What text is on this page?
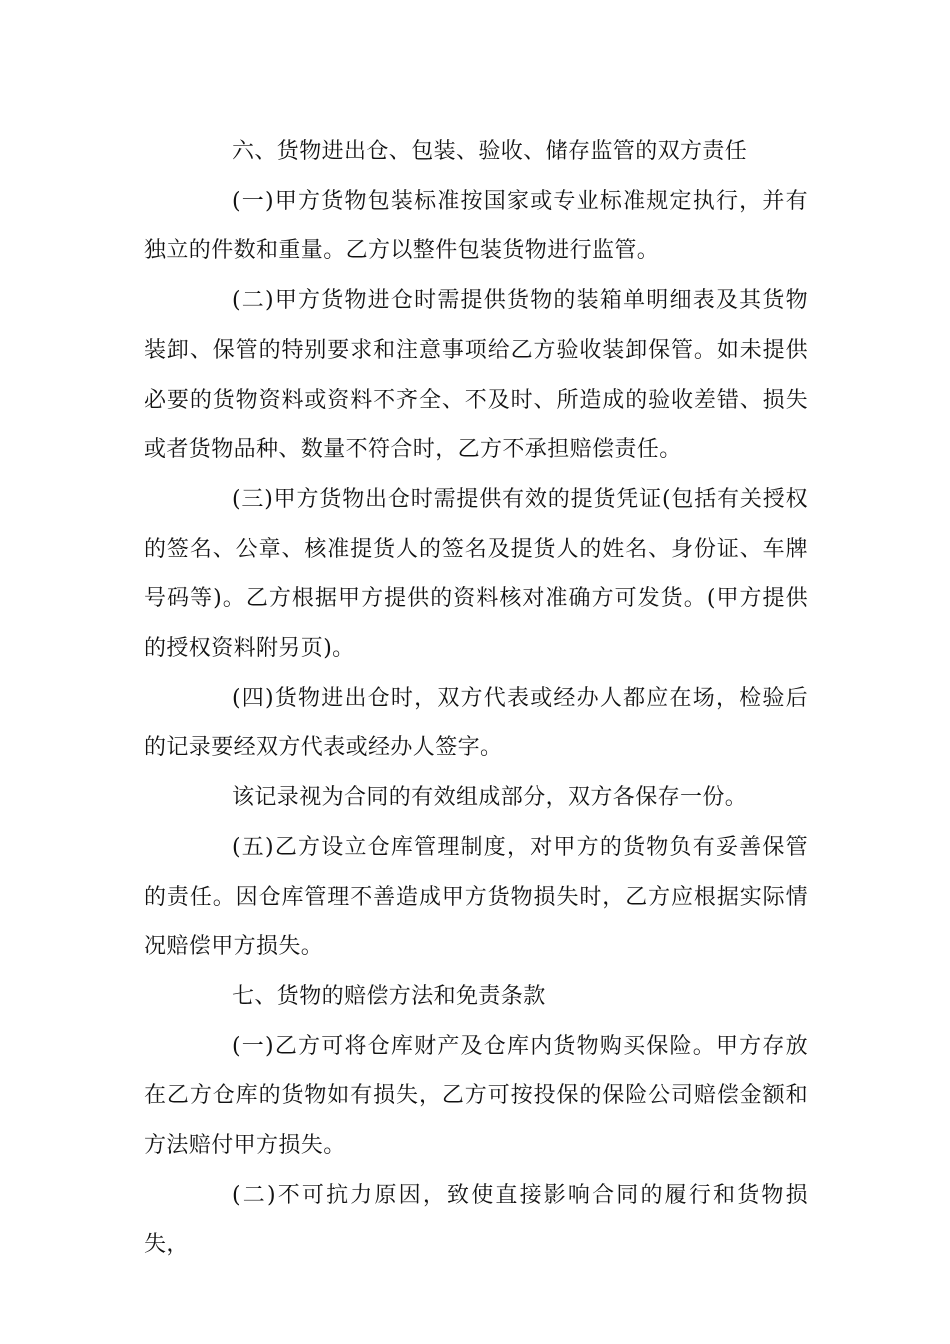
六、货物进出仓、包装、验收、储存监管的双方责任

(一)甲方货物包装标准按国家或专业标准规定执行，并有独立的件数和重量。乙方以整件包装货物进行监管。

(二)甲方货物进仓时需提供货物的装箱单明细表及其货物装卸、保管的特别要求和注意事项给乙方验收装卸保管。如未提供必要的货物资料或资料不齐全、不及时、所造成的验收差错、损失或者货物品种、数量不符合时，乙方不承担赔偿责任。

(三)甲方货物出仓时需提供有效的提货凭证(包括有关授权的签名、公章、核准提货人的签名及提货人的姓名、身份证、车牌号码等)。乙方根据甲方提供的资料核对准确方可发货。(甲方提供的授权资料附另页)。

(四)货物进出仓时，双方代表或经办人都应在场，检验后的记录要经双方代表或经办人签字。

该记录视为合同的有效组成部分，双方各保存一份。

(五)乙方设立仓库管理制度，对甲方的货物负有妥善保管的责任。因仓库管理不善造成甲方货物损失时，乙方应根据实际情况赔偿甲方损失。

七、货物的赔偿方法和免责条款

(一)乙方可将仓库财产及仓库内货物购买保险。甲方存放在乙方仓库的货物如有损失，乙方可按投保的保险公司赔偿金额和方法赔付甲方损失。

(二)不可抗力原因，致使直接影响合同的履行和货物损失，
